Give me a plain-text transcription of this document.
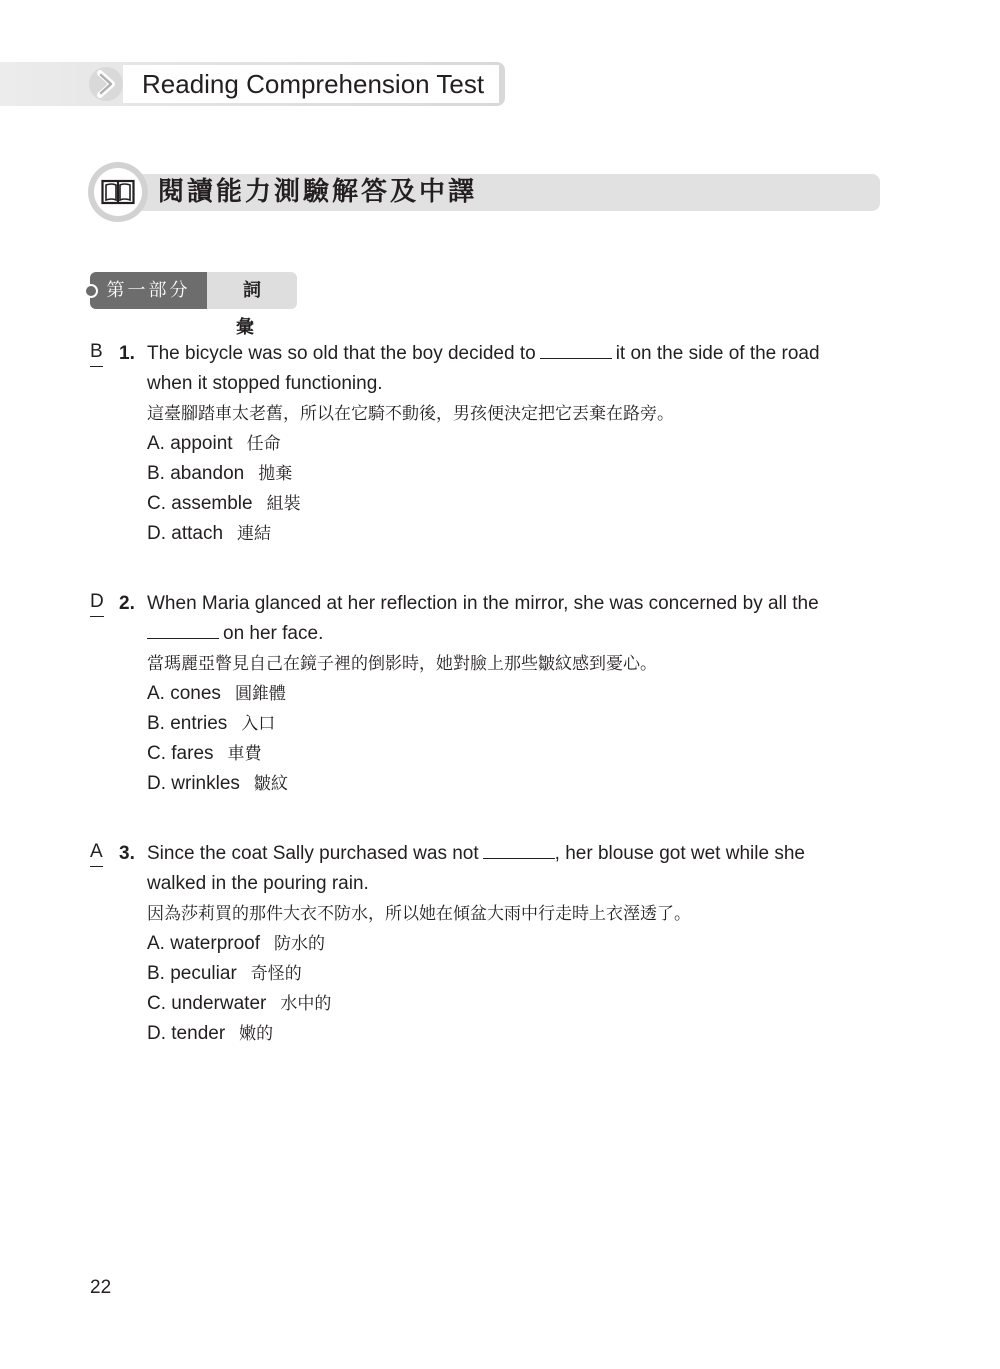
Reading Comprehension Test
閱讀能力測驗解答及中譯
第一部分	詞 彙
B 1. The bicycle was so old that the boy decided to	it on the side of the road when it stopped functioning.
這臺腳踏車太老舊，所以在它騎不動後，男孩便決定把它丟棄在路旁。
A. appoint 任命
B. abandon 拋棄
C. assemble 組裝
D. attach 連結
D 2. When Maria glanced at her reflection in the mirror, she was concerned by all the on her face.
當瑪麗亞瞥見自己在鏡子裡的倒影時，她對臉上那些皺紋感到憂心。
A. cones 圓錐體
B. entries 入口
C. fares 車費
D. wrinkles 皺紋
A 3. Since the coat Sally purchased was not	, her blouse got wet while she walked in the pouring rain.
因為莎莉買的那件大衣不防水，所以她在傾盆大雨中行走時上衣溼透了。
A. waterproof 防水的
B. peculiar 奇怪的
C. underwater 水中的
D. tender 嫩的
22
